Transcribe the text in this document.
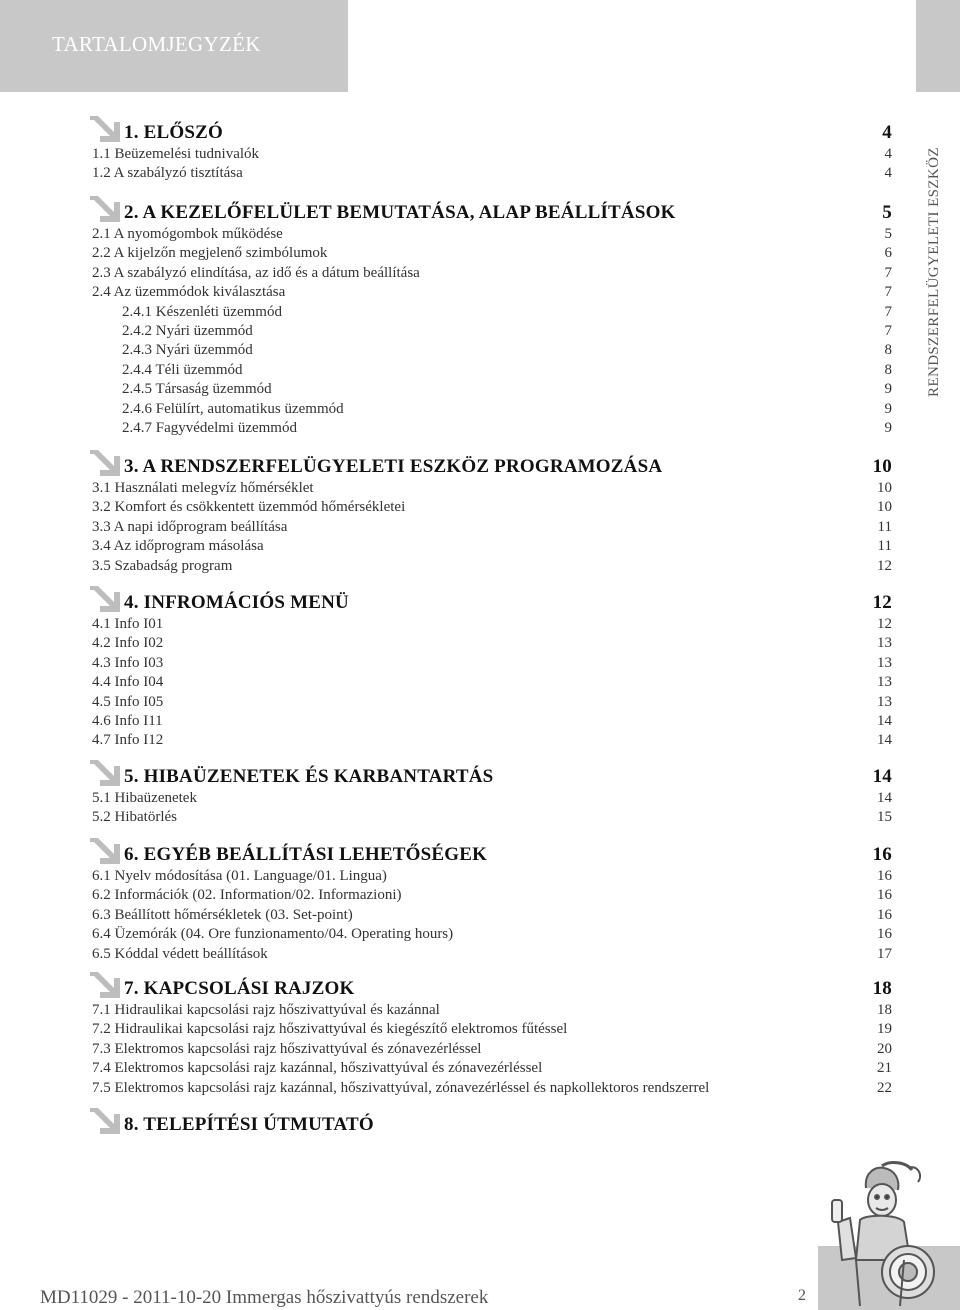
TARTALOMJEGYZÉK
RENDSZERFELÜGYELETI ESZKÖZ
1. ELŐSZÓ	4
1.1 Beüzemelési tudnivalók	4
1.2 A szabályzó tisztítása	4
2. A KEZELŐFELÜLET BEMUTATÁSA, ALAP BEÁLLÍTÁSOK	5
2.1 A nyomógombok működése	5
2.2 A kijelzőn megjelenő szimbólumok	6
2.3 A szabályzó elindítása, az idő és a dátum beállítása	7
2.4 Az üzemmódok kiválasztása	7
2.4.1 Készenléti üzemmód	7
2.4.2 Nyári üzemmód	7
2.4.3 Nyári üzemmód	8
2.4.4 Téli üzemmód	8
2.4.5 Társaság üzemmód	9
2.4.6 Felülírt, automatikus üzemmód	9
2.4.7 Fagyvédelmi üzemmód	9
3. A RENDSZERFELÜGYELETI ESZKÖZ PROGRAMOZÁSA	10
3.1 Használati melegvíz hőmérséklet	10
3.2 Komfort és csökkentett üzemmód hőmérsékletei	10
3.3 A napi időprogram beállítása	11
3.4 Az időprogram másolása	11
3.5 Szabadság program	12
4. INFROMÁCIÓS MENÜ	12
4.1 Info I01	12
4.2 Info I02	13
4.3 Info I03	13
4.4 Info I04	13
4.5 Info I05	13
4.6 Info I11	14
4.7 Info I12	14
5. HIBAÜZENETEK ÉS KARBANTARTÁS	14
5.1 Hibaüzenetek	14
5.2 Hibatörlés	15
6. EGYÉB BEÁLLÍTÁSI LEHETŐSÉGEK	16
6.1 Nyelv módosítása (01. Language/01. Lingua)	16
6.2 Információk (02. Information/02. Informazioni)	16
6.3 Beállított hőmérsékletek (03. Set-point)	16
6.4 Üzemórák (04. Ore funzionamento/04. Operating hours)	16
6.5 Kóddal védett beállítások	17
7. KAPCSOLÁSI RAJZOK	18
7.1 Hidraulikai kapcsolási rajz hőszivattyúval és kazánnal	18
7.2 Hidraulikai kapcsolási rajz hőszivattyúval és kiegészítő elektromos fűtéssel	19
7.3 Elektromos kapcsolási rajz hőszivattyúval és zónavezérléssel	20
7.4 Elektromos kapcsolási rajz kazánnal, hőszivattyúval és zónavezérléssel	21
7.5 Elektromos kapcsolási rajz kazánnal, hőszivattyúval, zónavezérléssel és napkollektoros rendszerrel	22
8. TELEPÍTÉSI ÚTMUTATÓ
MD11029 - 2011-10-20 Immergas hőszivattyús rendszerek	2
